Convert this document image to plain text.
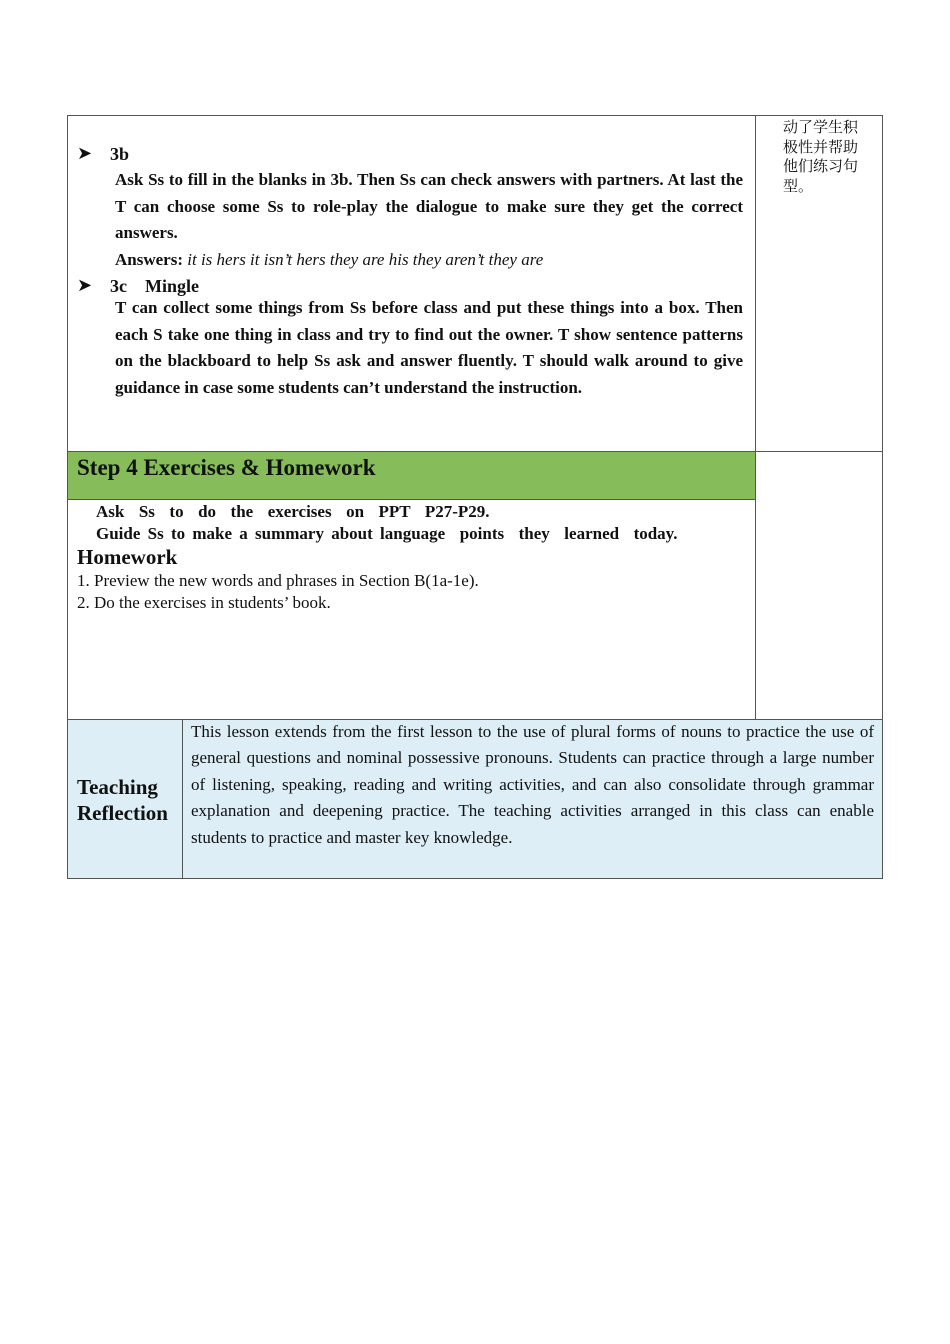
➤ 3b
Ask Ss to fill in the blanks in 3b. Then Ss can check answers with partners. At last the T can choose some Ss to role-play the dialogue to make sure they get the correct answers.
Answers: it is hers it isn’t hers they are his they aren’t they are
➤ 3c    Mingle
T can collect some things from Ss before class and put these things into a box. Then each S take one thing in class and try to find out the owner. T show sentence patterns on the blackboard to help Ss ask and answer fluently. T should walk around to give guidance in case some students can’t understand the instruction.
动了学生积极性并帮助他们练习句型。
Step 4 Exercises & Homework
Ask  Ss  to  do  the  exercises  on  PPT  P27-P29.
Guide Ss to make a summary about language  points  they  learned  today.
Homework
1. Preview the new words and phrases in Section B(1a-1e).
2. Do the exercises in students’ book.
Teaching
Reflection
This lesson extends from the first lesson to the use of plural forms of nouns to practice the use of general questions and nominal possessive pronouns. Students can practice through a large number of listening, speaking, reading and writing activities, and can also consolidate through grammar explanation and deepening practice. The teaching activities arranged in this class can enable students to practice and master key knowledge.
